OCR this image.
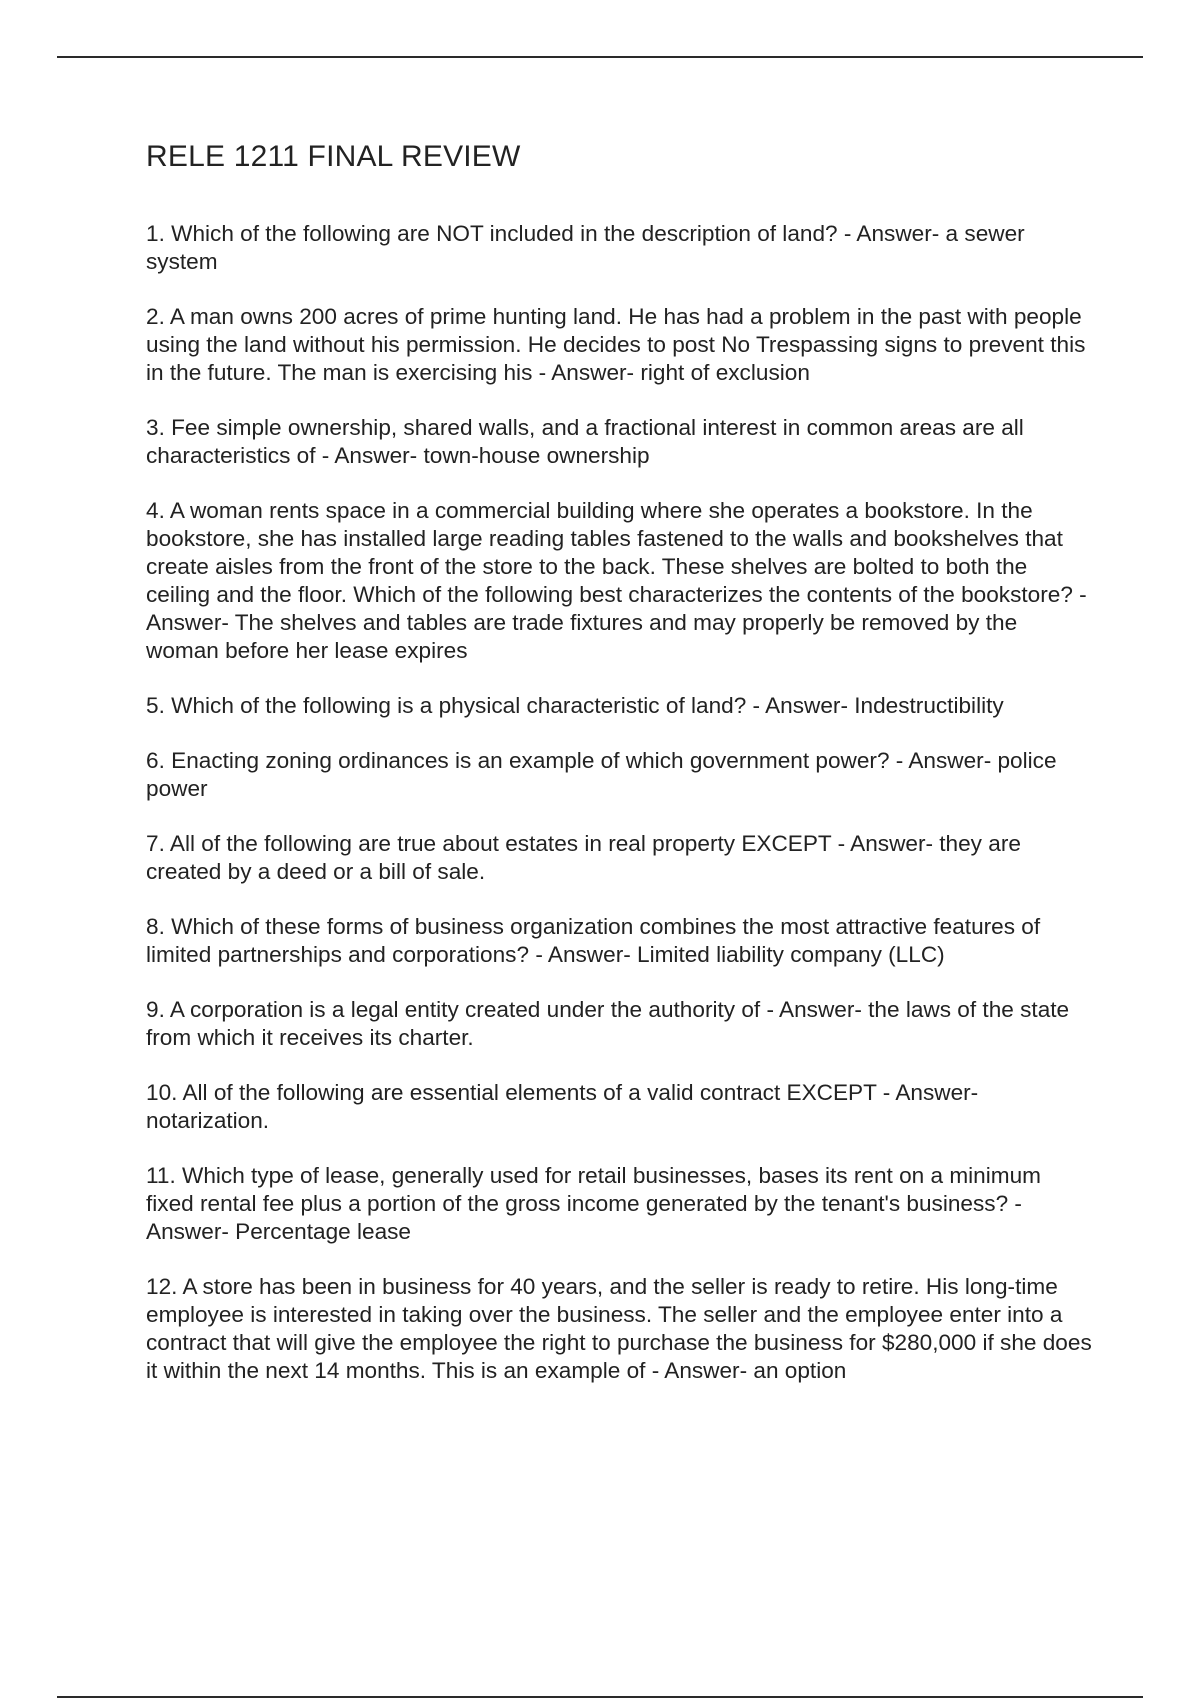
RELE 1211 FINAL REVIEW
1. Which of the following are NOT included in the description of land? - Answer- a sewer system
2. A man owns 200 acres of prime hunting land. He has had a problem in the past with people using the land without his permission. He decides to post No Trespassing signs to prevent this in the future. The man is exercising his - Answer- right of exclusion
3. Fee simple ownership, shared walls, and a fractional interest in common areas are all characteristics of - Answer- town-house ownership
4. A woman rents space in a commercial building where she operates a bookstore. In the bookstore, she has installed large reading tables fastened to the walls and bookshelves that create aisles from the front of the store to the back. These shelves are bolted to both the ceiling and the floor. Which of the following best characterizes the contents of the bookstore? - Answer- The shelves and tables are trade fixtures and may properly be removed by the woman before her lease expires
5. Which of the following is a physical characteristic of land? - Answer- Indestructibility
6. Enacting zoning ordinances is an example of which government power? - Answer- police power
7. All of the following are true about estates in real property EXCEPT - Answer- they are created by a deed or a bill of sale.
8. Which of these forms of business organization combines the most attractive features of limited partnerships and corporations? - Answer- Limited liability company (LLC)
9. A corporation is a legal entity created under the authority of - Answer- the laws of the state from which it receives its charter.
10. All of the following are essential elements of a valid contract EXCEPT - Answer- notarization.
11. Which type of lease, generally used for retail businesses, bases its rent on a minimum fixed rental fee plus a portion of the gross income generated by the tenant's business? - Answer- Percentage lease
12. A store has been in business for 40 years, and the seller is ready to retire. His long-time employee is interested in taking over the business. The seller and the employee enter into a contract that will give the employee the right to purchase the business for $280,000 if she does it within the next 14 months. This is an example of - Answer- an option
